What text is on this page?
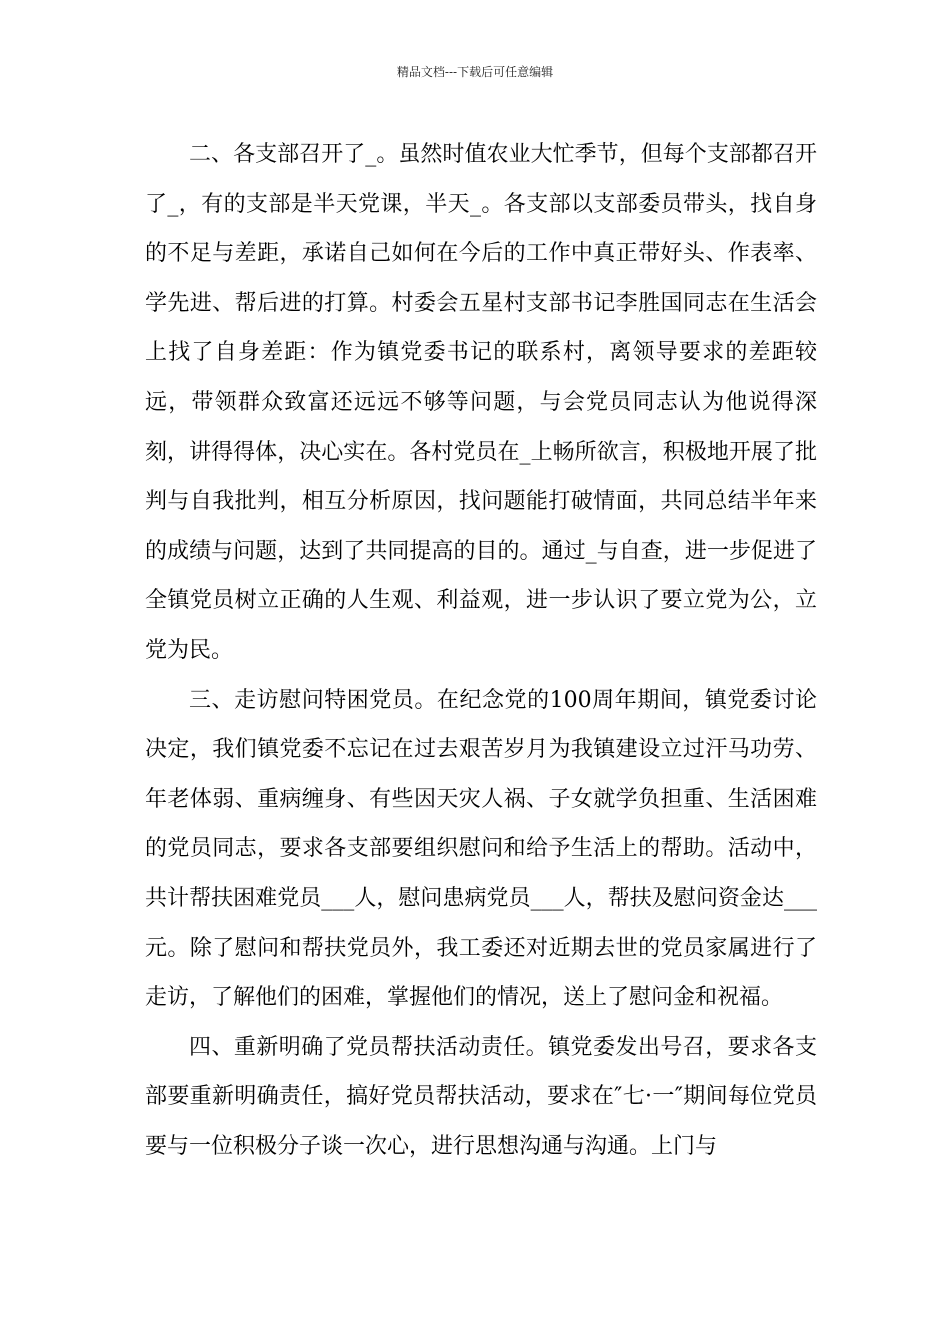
精品文档---下载后可任意编辑

二、各支部召开了_。虽然时值农业大忙季节，但每个支部都召开了_，有的支部是半天党课，半天_。各支部以支部委员带头，找自身的不足与差距，承诺自己如何在今后的工作中真正带好头、作表率、学先进、帮后进的打算。村委会五星村支部书记李胜国同志在生活会上找了自身差距：作为镇党委书记的联系村，离领导要求的差距较远，带领群众致富还远远不够等问题，与会党员同志认为他说得深刻，讲得得体，决心实在。各村党员在_上畅所欲言，积极地开展了批判与自我批判，相互分析原因，找问题能打破情面，共同总结半年来的成绩与问题，达到了共同提高的目的。通过_与自查，进一步促进了全镇党员树立正确的人生观、利益观，进一步认识了要立党为公，立党为民。

三、走访慰问特困党员。在纪念党的100周年期间，镇党委讨论决定，我们镇党委不忘记在过去艰苦岁月为我镇建设立过汗马功劳、年老体弱、重病缠身、有些因天灾人祸、子女就学负担重、生活困难的党员同志，要求各支部要组织慰问和给予生活上的帮助。活动中，共计帮扶困难党员___人，慰问患病党员___人，帮扶及慰问资金达___元。除了慰问和帮扶党员外，我工委还对近期去世的党员家属进行了走访，了解他们的困难，掌握他们的情况，送上了慰问金和祝福。

四、重新明确了党员帮扶活动责任。镇党委发出号召，要求各支部要重新明确责任，搞好党员帮扶活动，要求在″七·一″期间每位党员要与一位积极分子谈一次心，进行思想沟通与沟通。上门与
